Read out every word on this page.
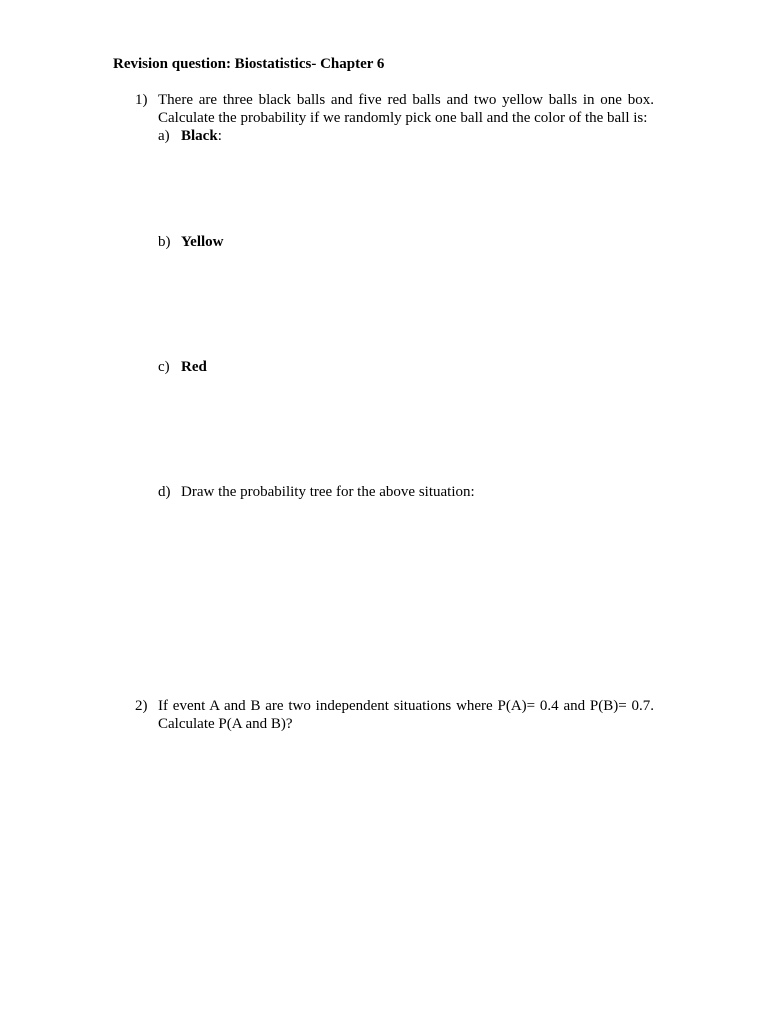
Revision question: Biostatistics- Chapter 6
1) There are three black balls and five red balls and two yellow balls in one box.
Calculate the probability if we randomly pick one ball and the color of the ball is:
a) Black:
b) Yellow
c) Red
d) Draw the probability tree for the above situation:
2) If event A and B are two independent situations where P(A)= 0.4 and P(B)= 0.7.
Calculate P(A and B)?
